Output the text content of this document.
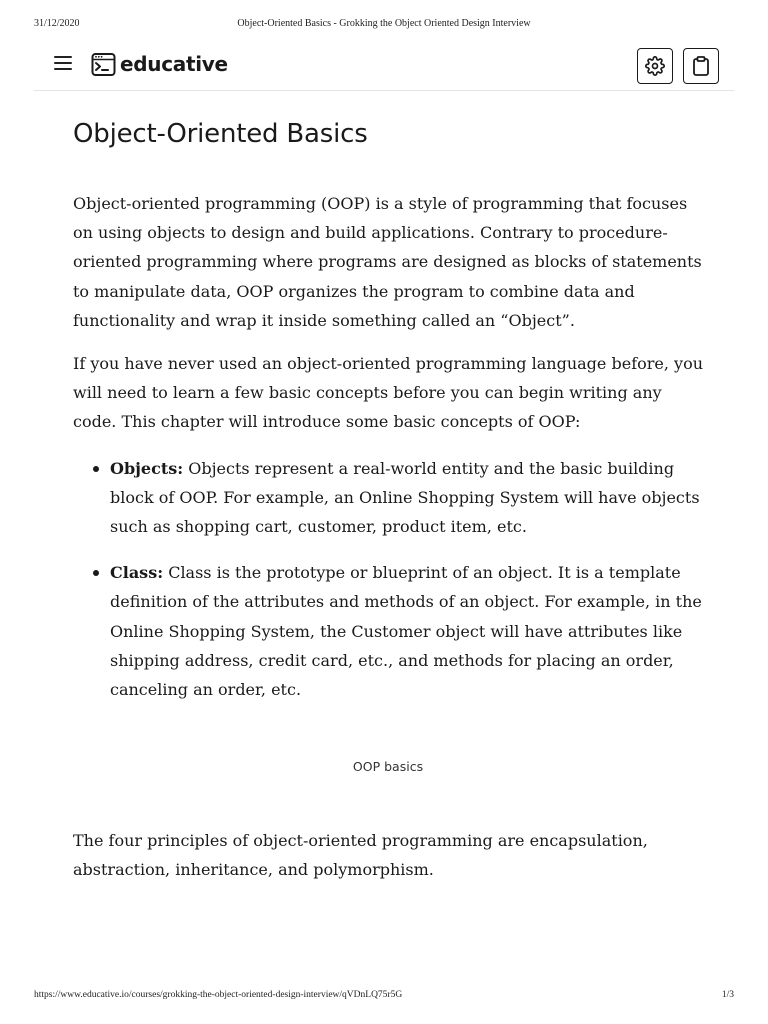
31/12/2020	Object-Oriented Basics - Grokking the Object Oriented Design Interview
educative
Object-Oriented Basics

Object-oriented programming (OOP) is a style of programming that focuses on using objects to design and build applications. Contrary to procedure-oriented programming where programs are designed as blocks of statements to manipulate data, OOP organizes the program to combine data and functionality and wrap it inside something called an “Object”.

If you have never used an object-oriented programming language before, you will need to learn a few basic concepts before you can begin writing any code. This chapter will introduce some basic concepts of OOP:

Objects: Objects represent a real-world entity and the basic building block of OOP. For example, an Online Shopping System will have objects such as shopping cart, customer, product item, etc.
Class: Class is the prototype or blueprint of an object. It is a template definition of the attributes and methods of an object. For example, in the Online Shopping System, the Customer object will have attributes like shipping address, credit card, etc., and methods for placing an order, canceling an order, etc.
OOP basics

The four principles of object-oriented programming are encapsulation, abstraction, inheritance, and polymorphism.

https://www.educative.io/courses/grokking-the-object-oriented-design-interview/qVDnLQ75r5G	1/3
